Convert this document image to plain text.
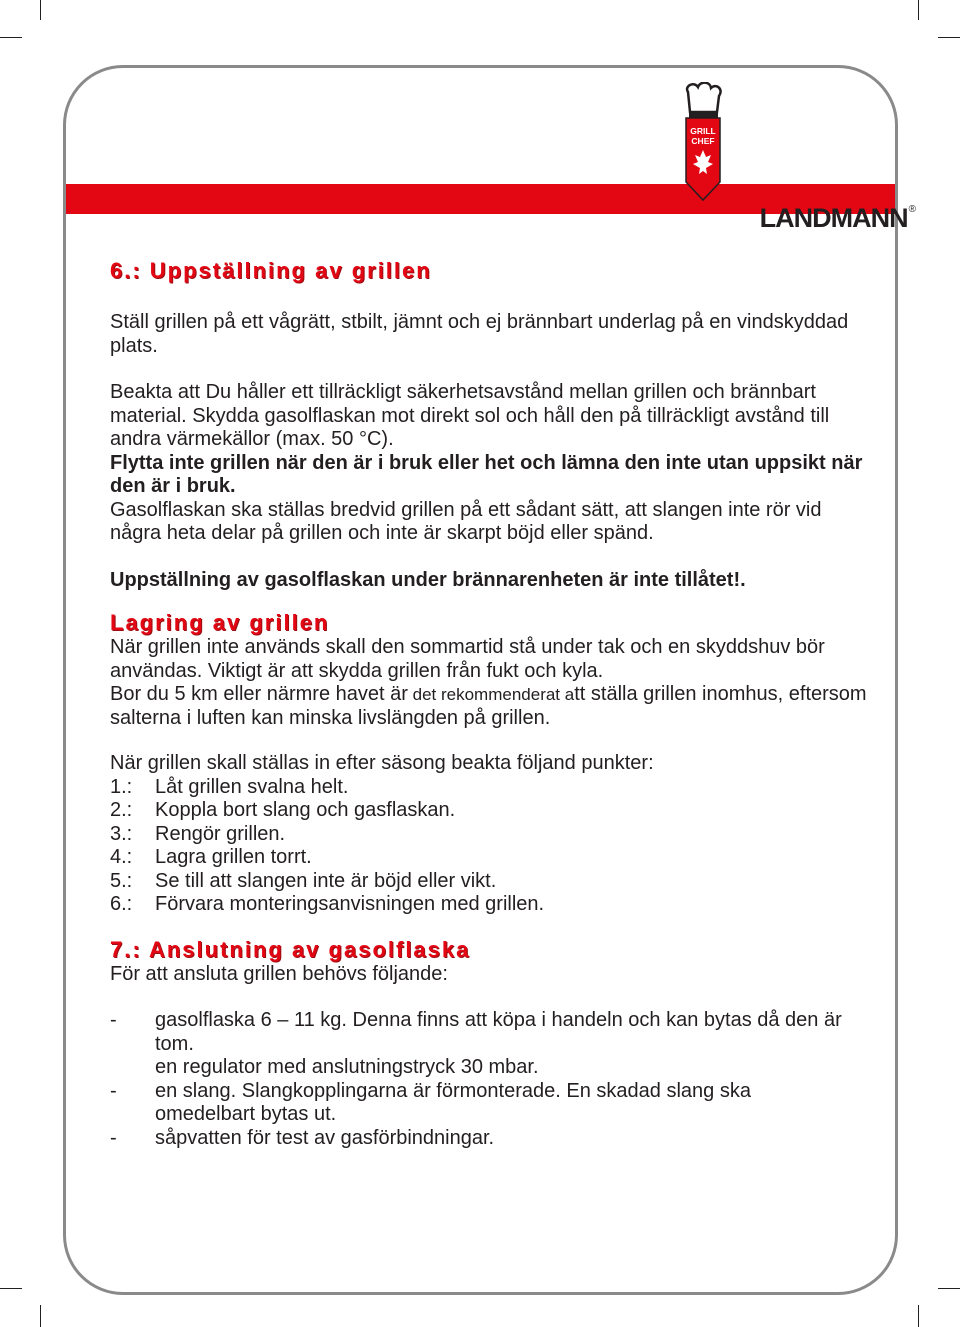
GRILL
CHEF
LANDMANN®

6.: Uppställning av grillen

Ställ grillen på ett vågrätt, stbilt, jämnt och ej brännbart underlag på en vindskyddad plats.

Beakta att Du håller ett tillräckligt säkerhetsavstånd mellan grillen och brännbart material. Skydda gasolflaskan mot direkt sol och håll den på tillräckligt avstånd till andra värmekällor (max. 50 °C).

Flytta inte grillen när den är i bruk eller het och lämna den inte utan uppsikt när den är i bruk.

Gasolflaskan ska ställas bredvid grillen på ett sådant sätt, att slangen inte rör vid några heta delar på grillen och inte är skarpt böjd eller spänd.

Uppställning av gasolflaskan under brännarenheten är inte tillåtet!.

Lagring av grillen

När grillen inte används skall den sommartid stå under tak och en skyddshuv bör användas. Viktigt är att skydda grillen från fukt och kyla.

Bor du 5 km eller närmre havet är det rekommenderat att ställa grillen inomhus, eftersom salterna i luften kan minska livslängden på grillen.

När grillen skall ställas in efter säsong beakta följand punkter:

1.:	Låt grillen svalna helt.
2.:	Koppla bort slang och gasflaskan.
3.:	Rengör grillen.
4.:	Lagra grillen torrt.
5.:	Se till att slangen inte är böjd eller vikt.
6.:	Förvara monteringsanvisningen med grillen.

7.: Anslutning av gasolflaska

För att ansluta grillen behövs följande:

-	gasolflaska 6 – 11 kg. Denna finns att köpa i handeln och kan bytas då den är tom.
en regulator med anslutningstryck 30 mbar.
-	en slang. Slangkopplingarna är förmonterade. En skadad slang ska omedelbart bytas ut.
-	såpvatten för test av gasförbindningar.
